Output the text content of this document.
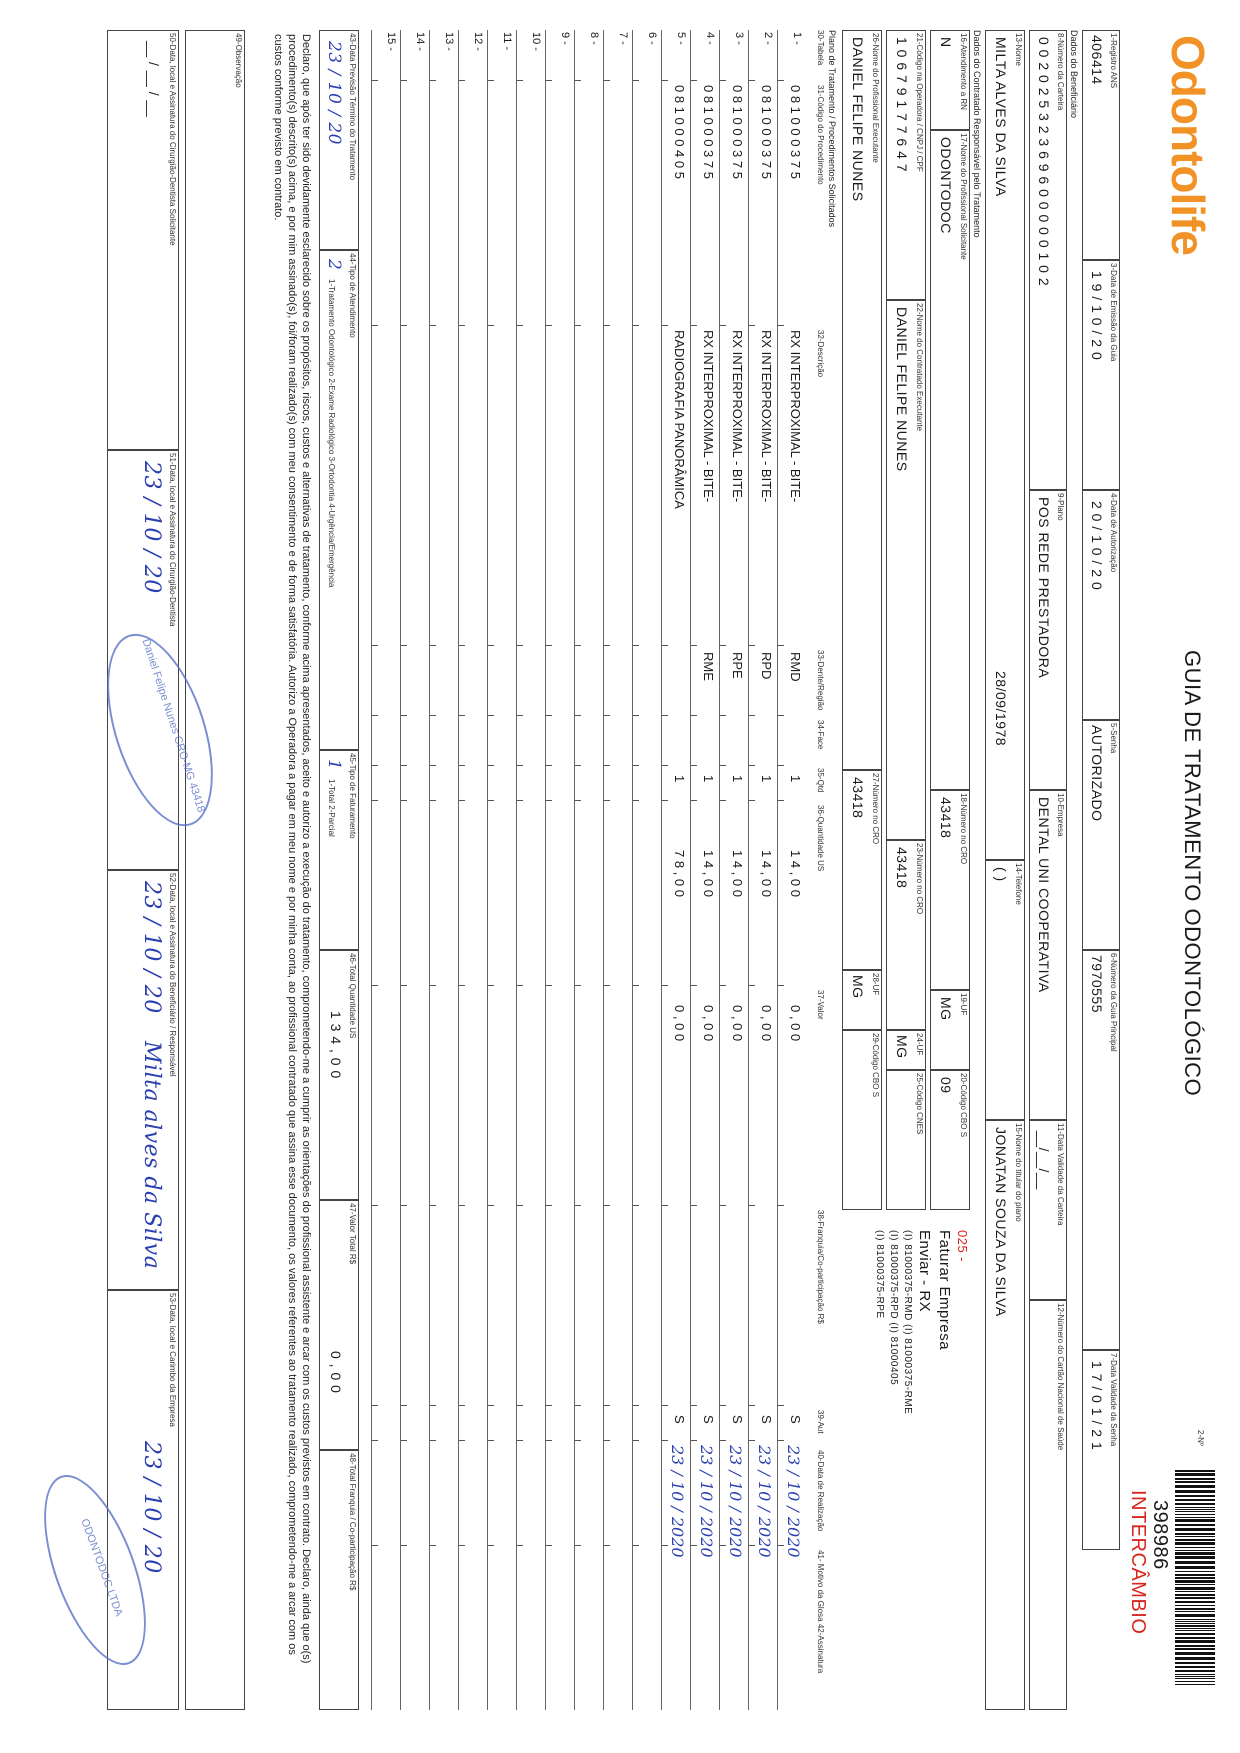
Odontolife
GUIA DE TRATAMENTO ODONTOLÓGICO
2-Nº
398986
INTERCÂMBIO
1-Registro ANS
406414
3-Data de Emissão da Guia
1 9 / 1 0 / 2 0
4-Data de Autorização
2 0 / 1 0 / 2 0
5-Senha
AUTORIZADO
6-Número da Guia Principal
7970555
7-Data Validade da Senha
1 7 / 0 1 / 2 1
Dados do Beneficiário
8-Número da Carteira
0 0 2 0 2 5 3 2 3 6 9 6 0 0 0 0 0 1 0 2
9-Plano
POS REDE PRESTADORA
10-Empresa
DENTAL UNI COOPERATIVA
11-Data Validade da Carteira
__/__/__
12-Número do Cartão Nacional de Saúde
13-Nome
MILTA ALVES DA SILVA
28/09/1978
14-Telefone
( )
15-Nome do titular do plano
JONATAN SOUZA DA SILVA
Dados do Contratado Responsável pelo Tratamento
16-Atendimento a RN
N
17-Nome do Profissional Solicitante
ODONTODOC
18-Número no CRO
43418
19-UF
MG
20-Código CBO S
09
025 -
Faturar Empresa
Enviar - RX
(I) 81000375-RMD (I) 81000375-RME
(I) 81000375-RPD (I) 81000405
(I) 81000375-RPE
21-Código na Operadora / CNPJ / CPF
1 0 6 7 9 1 7 7 6 4 7
22-Nome do Contratado Executante
DANIEL FELIPE NUNES
23-Número no CRO
43418
24-UF
MG
25-Código CNES
26-Nome do Profissional Executante
DANIEL FELIPE NUNES
27-Número no CRO
43418
28-UF
MG
29-Código CBO S
Plano de Tratamento / Procedimentos Solicitados
30-Tabela
31-Código do Procedimento
32-Descrição
33-Dente/Região
34-Face
35-Qtd
36-Quantidade US
37-Valor
38-Franquia/Co-participação R$
39-Aut
40-Data de Realização
41- Motivo da Glosa 42-Assinatura
1 -
0 8 1 0 0 0 3 7 5
RX INTERPROXIMAL - BITE-
RMD
1
1 4 , 0 0
0 , 0 0
S
23 / 10 / 2020
2 -
0 8 1 0 0 0 3 7 5
RX INTERPROXIMAL - BITE-
RPD
1
1 4 , 0 0
0 , 0 0
S
23 / 10 / 2020
3 -
0 8 1 0 0 0 3 7 5
RX INTERPROXIMAL - BITE-
RPE
1
1 4 , 0 0
0 , 0 0
S
23 / 10 / 2020
4 -
0 8 1 0 0 0 3 7 5
RX INTERPROXIMAL - BITE-
RME
1
1 4 , 0 0
0 , 0 0
S
23 / 10 / 2020
5 -
0 8 1 0 0 0 4 0 5
RADIOGRAFIA PANORÂMICA
1
7 8 , 0 0
0 , 0 0
S
23 / 10 / 2020
6 -
7 -
8 -
9 -
10 -
11 -
12 -
13 -
14 -
15 -
43-Data Previsão Término do Tratamento
23 / 10 / 20
44-Tipo de Atendimento
2
1-Tratamento Odontológico 2-Exame Radiológico 3-Ortodontia 4-Urgência/Emergência
45-Tipo de Faturamento
1
1-Total 2-Parcial
46-Total Quantidade US
1 3 4 , 0 0
47-Valor Total R$
0 , 0 0
48-Total Franquia / Co-participação R$
Declaro, que após ter sido devidamente esclarecido sobre os propósitos, riscos, custos e alternativas de tratamento, conforme acima apresentados, aceito e autorizo a execução do tratamento, comprometendo-me a cumprir as orientações do profissional assistente e arcar com os custos previstos em contrato. Declaro, ainda que o(s) procedimento(s) descrito(s) acima, e por mim assinado(s), foi/foram realizado(s) com meu consentimento e de forma satisfatória. Autorizo a Operadora a pagar em meu nome e por minha conta, ao profissional contratado que assina esse documento, os valores referentes ao tratamento realizado, comprometendo-me a arcar com os custos conforme previsto em contrato.
49-Observação
50-Data, local e Assinatura do Cirurgião-Dentista Solicitante
__ / __ / __
51-Data, local e Assinatura do Cirurgião-Dentista
23 / 10 / 20
52-Data, local e Assinatura do Beneficiário / Responsável
23 / 10 / 20
Milta alves da Silva
53-Data, local e Carimbo da Empresa
23 / 10 / 20
Daniel Felipe Nunes CRO-MG 43418
ODONTODOC LTDA
